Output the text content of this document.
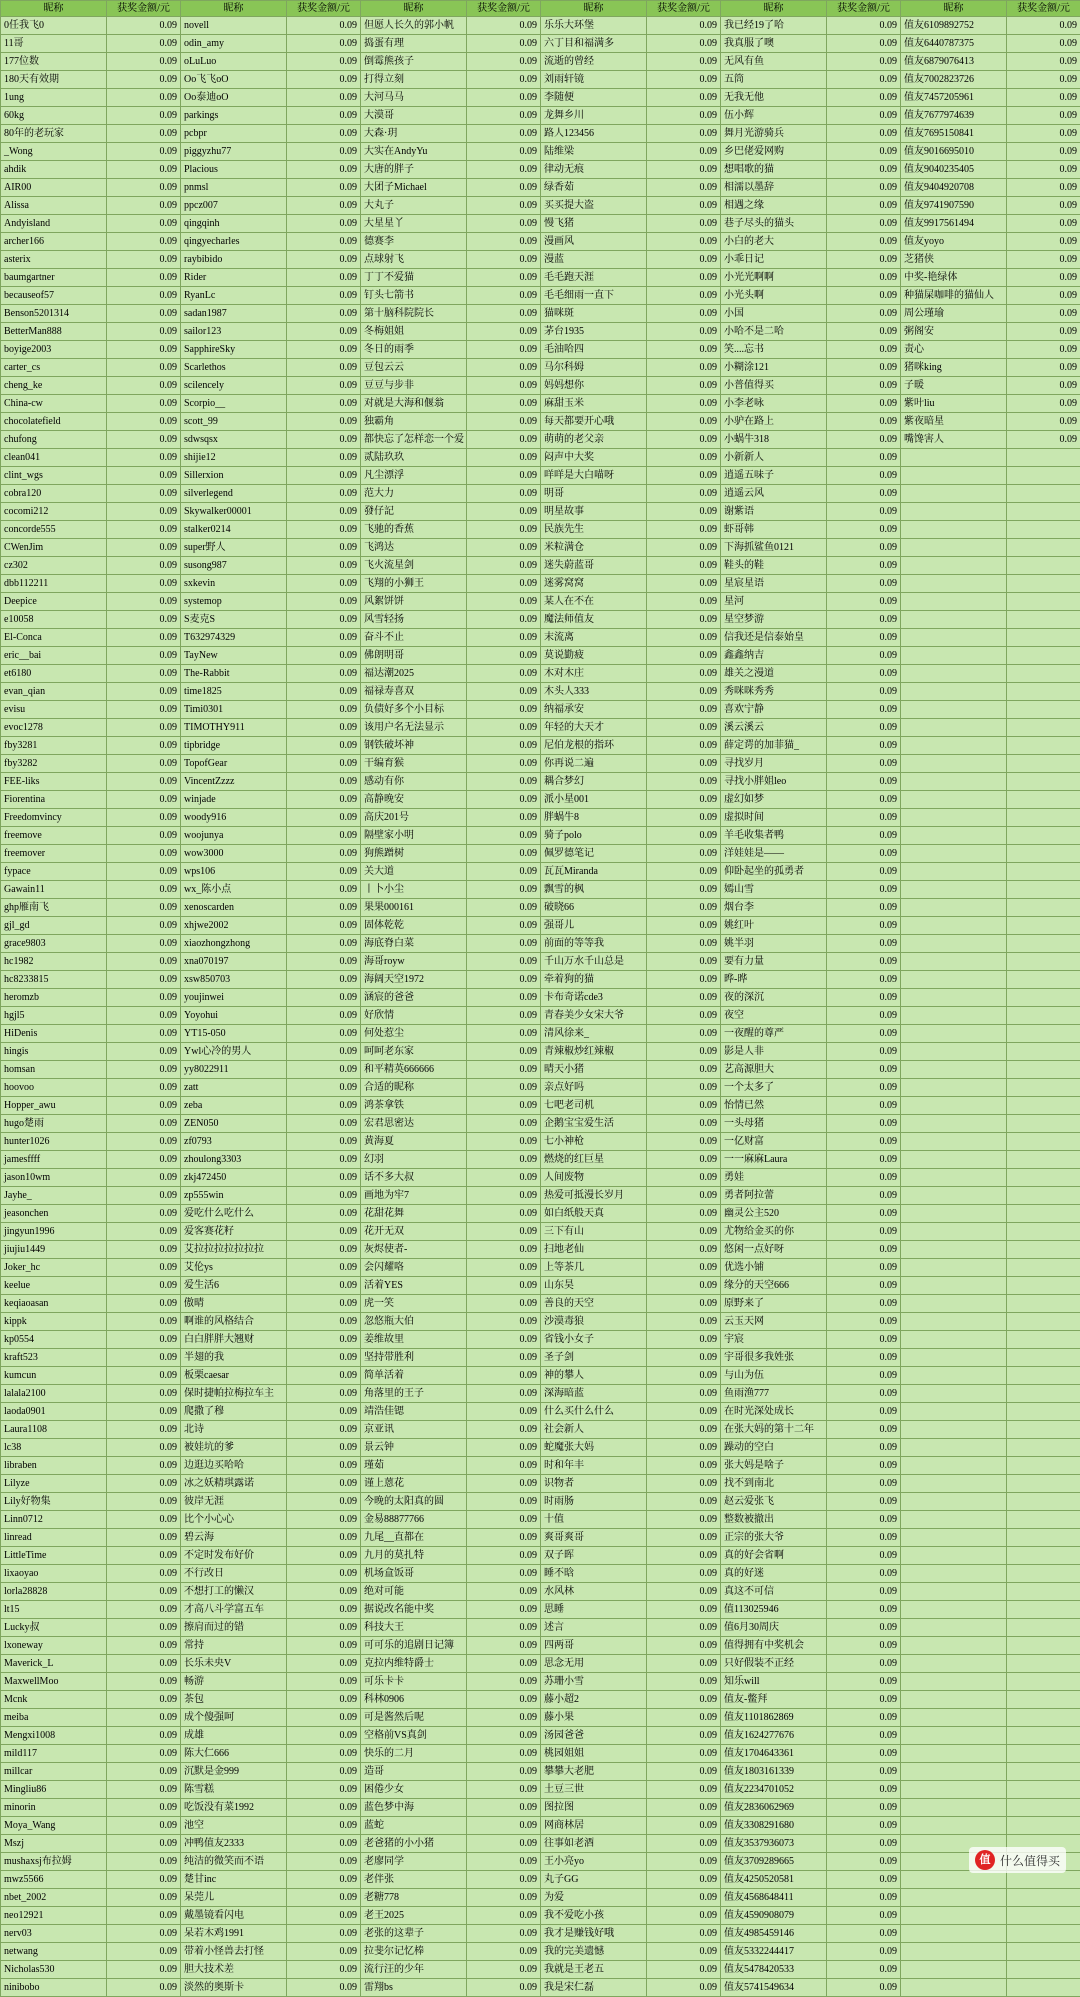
昵称	获奖金额/元	昵称	获奖金额/元	昵称	获奖金额/元	昵称	获奖金额/元	昵称	获奖金额/元	昵称	获奖金额/元
0任我飞0	0.09	novell	0.09	但愿人长久的郭小帆	0.09	乐乐大环堡	0.09	我已经19了哈	0.09	值友6109892752	0.09
11哥	0.09	odin_amy	0.09	捣蛋有理	0.09	六丁目和福满多	0.09	我真服了噢	0.09	值友6440787375	0.09
177位数	0.09	oLuLuo	0.09	倒霉熊孩子	0.09	流逝的曾经	0.09	无风有鱼	0.09	值友6879076413	0.09
180天有效期	0.09	Oo飞飞oO	0.09	打得立刻	0.09	刘雨轩镜	0.09	五筒	0.09	值友7002823726	0.09
1ung	0.09	Oo泰迪oO	0.09	大河马马	0.09	李随便	0.09	无我无他	0.09	值友7457205961	0.09
60kg	0.09	parkings	0.09	大漠哥	0.09	龙舞乡川	0.09	伍小辉	0.09	值友7677974639	0.09
80年的老玩家	0.09	pcbpr	0.09	大森·玥	0.09	路人123456	0.09	舞月光游骑兵	0.09	值友7695150841	0.09
_Wong	0.09	piggyzhu77	0.09	大实在AndyYu	0.09	陆维梁	0.09	乡巴佬爱网购	0.09	值友9016695010	0.09
ahdik	0.09	Placious	0.09	大唐的胖子	0.09	律动无痕	0.09	想唱歌的猫	0.09	值友9040235405	0.09
AIR00	0.09	pnmsl	0.09	大团子Michael	0.09	绿香茹	0.09	相濡以墨辞	0.09	值友9404920708	0.09
Alissa	0.09	ppcz007	0.09	大丸子	0.09	买买提大盗	0.09	相遇之缘	0.09	值友9741907590	0.09
Andyisland	0.09	qingqinh	0.09	大星星丫	0.09	慢飞猪	0.09	巷子尽头的猫头	0.09	值友9917561494	0.09
archer166	0.09	qingyecharles	0.09	德赛李	0.09	漫画风	0.09	小白的老大	0.09	值友yoyo	0.09
asterix	0.09	raybibido	0.09	点球射飞	0.09	漫蓝	0.09	小乖日记	0.09	芝猪侠	0.09
baumgartner	0.09	Rider	0.09	丁丁不爱猫	0.09	毛毛跑天涯	0.09	小光光啊啊	0.09	中奖-艳绿体	0.09
becauseof57	0.09	RyanLc	0.09	钉头七箭书	0.09	毛毛细雨一直下	0.09	小光头啊	0.09	种猫屎咖啡的猫仙人	0.09
Benson5201314	0.09	sadan1987	0.09	第十脑科院院长	0.09	猫咪斑	0.09	小国	0.09	周公瑾瑜	0.09
BetterMan888	0.09	sailor123	0.09	冬梅姐姐	0.09	茅台1935	0.09	小哈不是二哈	0.09	粥阁安	0.09
boyige2003	0.09	SapphireSky	0.09	冬日的雨季	0.09	毛油哈四	0.09	笑....忘书	0.09	责心	0.09
carter_cs	0.09	Scarlethos	0.09	豆包云云	0.09	马尔科姆	0.09	小糊涂121	0.09	猪咪king	0.09
cheng_ke	0.09	scilencely	0.09	豆豆与步非	0.09	妈妈想你	0.09	小普值得买	0.09	子暖	0.09
China-cw	0.09	Scorpio__	0.09	对就是大海和偃翁	0.09	麻甜玉米	0.09	小李老咏	0.09	紫叶liu	0.09
chocolatefield	0.09	scott_99	0.09	独霸角	0.09	每天都要开心哦	0.09	小驴在路上	0.09	紫夜暗星	0.09
chufong	0.09	sdwsqsx	0.09	都快忘了怎样恋一个爱	0.09	萌萌的老父亲	0.09	小蜗牛318	0.09	嘴馋害人	0.09
clean041	0.09	shijie12	0.09	贰陆玖玖	0.09	闷声中大奖	0.09	小新新人	0.09		
clint_wgs	0.09	Sillerxion	0.09	凡尘漂浮	0.09	咩咩是大白喵呀	0.09	逍遥五味子	0.09		
cobra120	0.09	silverlegend	0.09	范大力	0.09	明哥	0.09	逍遥云风	0.09		
cocomi212	0.09	Skywalker00001	0.09	發仔記	0.09	明星故事	0.09	谢紫语	0.09		
concorde555	0.09	stalker0214	0.09	飞驰的香蕉	0.09	民族先生	0.09	虾哥韩	0.09		
CWenJim	0.09	super野人	0.09	飞鸿达	0.09	米粒满仓	0.09	下海抓鲨鱼0121	0.09		
cz302	0.09	susong987	0.09	飞火流星剑	0.09	迷失蔚蓝哥	0.09	鞋头的鞋	0.09		
dbb112211	0.09	sxkevin	0.09	飞翔的小狮王	0.09	迷雾窝窝	0.09	星宸星语	0.09		
Deepice	0.09	systemop	0.09	风絮饼饼	0.09	某人在不在	0.09	星河	0.09		
e10058	0.09	S麦克S	0.09	风雪轻扬	0.09	魔法师值友	0.09	星空梦游	0.09		
El-Conca	0.09	T632974329	0.09	奋斗不止	0.09	末流离	0.09	信我还是信泰始皇	0.09		
eric__bai	0.09	TayNew	0.09	佛朗明哥	0.09	莫说勤疲	0.09	鑫鑫纳吉	0.09		
et6180	0.09	The-Rabbit	0.09	福达潮2025	0.09	木对木庄	0.09	雄关之漫道	0.09		
evan_qian	0.09	time1825	0.09	福禄寿喜双	0.09	木头人333	0.09	秀咪咪秀秀	0.09		
evisu	0.09	Timi0301	0.09	负债好多个小目标	0.09	纳福承安	0.09	喜欢宁静	0.09		
evoc1278	0.09	TIMOTHY911	0.09	该用户名无法显示	0.09	年轻的大天才	0.09	溪云溪云	0.09		
fby3281	0.09	tipbridge	0.09	钢铁破坏神	0.09	尼伯龙根的指环	0.09	薛定谔的加菲猫_	0.09		
fby3282	0.09	TopofGear	0.09	干编育猴	0.09	你再说二遍	0.09	寻找岁月	0.09		
FEE-liks	0.09	VincentZzzz	0.09	感动有你	0.09	耦合梦幻	0.09	寻找小胖姐leo	0.09		
Fiorentina	0.09	winjade	0.09	高静晚安	0.09	派小星001	0.09	虚幻如梦	0.09		
Freedomvincy	0.09	woody916	0.09	高庆201号	0.09	胖蜗牛8	0.09	虚拟时间	0.09		
freemove	0.09	woojunya	0.09	隔壁家小明	0.09	骑子polo	0.09	羊毛收集者鸭	0.09		
freemover	0.09	wow3000	0.09	狗熊蹭树	0.09	佩罗德笔记	0.09	洋娃娃是——	0.09		
fypace	0.09	wps106	0.09	关大道	0.09	瓦瓦Miranda	0.09	仰卧起坐的孤勇者	0.09		
Gawain11	0.09	wx_陈小点	0.09	丨卜小尘	0.09	飘雪的枫	0.09	嫣山雪	0.09		
ghp雁南飞	0.09	xenoscarden	0.09	果果000161	0.09	破晓66	0.09	烟台李	0.09		
gjl_gd	0.09	xhjwe2002	0.09	固体乾乾	0.09	强哥儿	0.09	姚红叶	0.09		
grace9803	0.09	xiaozhongzhong	0.09	海底脊白菜	0.09	前面的等等我	0.09	姚半羽	0.09		
hc1982	0.09	xna070197	0.09	海哥royw	0.09	千山万水千山总是	0.09	要有力量	0.09		
hc8233815	0.09	xsw850703	0.09	海阔天空1972	0.09	牵着狗的猫	0.09	晔-晔	0.09		
heromzb	0.09	youjinwei	0.09	涵宸的爸爸	0.09	卡布奇诺cde3	0.09	夜的深沉	0.09		
hgjl5	0.09	Yoyohui	0.09	好欣情	0.09	青春美少女宋大爷	0.09	夜空	0.09		
HiDenis	0.09	YT15-050	0.09	何处惹尘	0.09	清风徐来_	0.09	一夜醒的尊严	0.09		
hingis	0.09	Ywl心冷的男人	0.09	呵呵老东家	0.09	青辣椒炒红辣椒	0.09	影是人非	0.09		
homsan	0.09	yy8022911	0.09	和平精英666666	0.09	晴天小猪	0.09	艺高源胆大	0.09		
hoovoo	0.09	zatt	0.09	合适的昵称	0.09	亲点好吗	0.09	一个太多了	0.09		
Hopper_awu	0.09	zeba	0.09	鸿茶拿铁	0.09	七吧老司机	0.09	怡情已然	0.09		
hugo楚雨	0.09	ZEN050	0.09	宏君思密达	0.09	企鹅宝宝爱生活	0.09	一头母猪	0.09		
hunter1026	0.09	zf0793	0.09	黄海夏	0.09	七小神枪	0.09	一亿财富	0.09		
jamesffff	0.09	zhoulong3303	0.09	幻羽	0.09	燃烧的红巨星	0.09	一一麻麻Laura	0.09		
jason10wm	0.09	zkj472450	0.09	话不多大叔	0.09	人间废物	0.09	勇娃	0.09		
Jayhe_	0.09	zp555win	0.09	画地为牢7	0.09	热爱可抵漫长岁月	0.09	勇者阿拉蕾	0.09		
jeasonchen	0.09	爱吃什么吃什么	0.09	花甜花舞	0.09	如白纸般天真	0.09	幽灵公主520	0.09		
jingyun1996	0.09	爱客赛花籽	0.09	花开无双	0.09	三下有山	0.09	尤物给金买的你	0.09		
jiujiu1449	0.09	艾拉拉拉拉拉拉拉	0.09	灰烬使者-	0.09	扫地老仙	0.09	悠闲一点好呀	0.09		
Joker_hc	0.09	艾伦ys	0.09	会闪耀咯	0.09	上等茶几	0.09	优选小铺	0.09		
keelue	0.09	爱生活6	0.09	活着YES	0.09	山东昊	0.09	缘分的天空666	0.09		
keqiaoasan	0.09	傲晴	0.09	虎一笑	0.09	善良的天空	0.09	原野来了	0.09		
kippk	0.09	啊谁的风格结合	0.09	忽悠瓶大伯	0.09	沙漠毒狼	0.09	云玉天网	0.09		
kp0554	0.09	白白胖胖大翘财	0.09	姜维故里	0.09	省钱小女子	0.09	宇宸	0.09		
kraft523	0.09	半翅的我	0.09	坚持带胜利	0.09	圣子剑	0.09	宇哥很多我姓张	0.09		
kumcun	0.09	板栗caesar	0.09	简单活着	0.09	神的攀人	0.09	与山为伍	0.09		
lalala2100	0.09	保时捷帕拉梅拉车主	0.09	角落里的王子	0.09	深海暗蓝	0.09	鱼雨渔777	0.09		
laoda0901	0.09	爬撒了穆	0.09	靖浩佳锶	0.09	什么买什么什么	0.09	在时光深处成长	0.09		
Laura1108	0.09	北诗	0.09	京亚讯	0.09	社会新人	0.09	在张大妈的第十二年	0.09		
lc38	0.09	被娃坑的爹	0.09	景云钟	0.09	蛇魔张大妈	0.09	躁动的空白	0.09		
libraben	0.09	边逛边买哈哈	0.09	瑾茹	0.09	时和年丰	0.09	张大妈是啥子	0.09		
Lilyze	0.09	冰之妖精琪露诺	0.09	谨上蒽花	0.09	识物者	0.09	找不到南北	0.09		
Lily好物集	0.09	彼岸无涯	0.09	今晚的太阳真的圆	0.09	时雨肠	0.09	赵云爱张飞	0.09		
Linn0712	0.09	比个小心心	0.09	金易88877766	0.09	十值	0.09	整数被撤出	0.09		
linread	0.09	碧云海	0.09	九尾__直都在	0.09	爽哥爽哥	0.09	正宗的张大爷	0.09		
LittleTime	0.09	不定时发布好价	0.09	九月的莫扎特	0.09	双子晖	0.09	真的好会省啊	0.09		
lixaoyao	0.09	不行改日	0.09	机场盒饭哥	0.09	睡不晗	0.09	真的好迷	0.09		
lorla28828	0.09	不想打工的懒汉	0.09	绝对可能	0.09	水风林	0.09	真这不可信	0.09		
lt15	0.09	才高八斗学富五车	0.09	据说改名能中奖	0.09	思睡	0.09	值113025946	0.09		
Lucky叔	0.09	擦肩而过的错	0.09	科技大王	0.09	述言	0.09	值6月30周庆	0.09		
lxoneway	0.09	常持	0.09	可可乐的追剧日记簿	0.09	四两哥	0.09	值得拥有中奖机会	0.09		
Maverick_L	0.09	长乐未央V	0.09	克拉内维特爵士	0.09	思念无用	0.09	只好假装不正经	0.09		
MaxwellMoo	0.09	畅游	0.09	可乐卡卡	0.09	苏珊小雪	0.09	知乐will	0.09		
Mcnk	0.09	茶包	0.09	科林0906	0.09	藤小超2	0.09	值友-鳖拜	0.09		
meiba	0.09	成个傻强呵	0.09	可是酱然后呢	0.09	藤小果	0.09	值友1101862869	0.09		
Mengxi1008	0.09	成雄	0.09	空格前VS真剑	0.09	汤园爸爸	0.09	值友1624277676	0.09		
mild117	0.09	陈大仁666	0.09	快乐的二月	0.09	桃园姐姐	0.09	值友1704643361	0.09		
millcar	0.09	沉默是金999	0.09	造哥	0.09	攀攀大老肥	0.09	值友1803161339	0.09		
Mingliu86	0.09	陈雪糕	0.09	困倦少女	0.09	土豆三世	0.09	值友2234701052	0.09		
minorin	0.09	吃饭没有菜1992	0.09	蓝色梦中海	0.09	图拉图	0.09	值友2836062969	0.09		
Moya_Wang	0.09	池空	0.09	蓝蛇	0.09	网商林居	0.09	值友3308291680	0.09		
Mszj	0.09	冲鸭值友2333	0.09	老爸猪的小小猪	0.09	往事如老酒	0.09	值友3537936073	0.09		
mushaxsj布拉姆	0.09	纯洁的微笑而不语	0.09	老廖同学	0.09	王小亮yo	0.09	值友3709289665	0.09		
mwz5566	0.09	楚甘inc	0.09	老伴张	0.09	丸子GG	0.09	值友4250520581	0.09		
nbet_2002	0.09	呆莞儿	0.09	老糖778	0.09	为爱	0.09	值友4568648411	0.09		
neo12921	0.09	戴墨镜看闪电	0.09	老王2025	0.09	我不爱吃小孩	0.09	值友4590908079	0.09		
nerv03	0.09	呆若木鸡1991	0.09	老张的这辈子	0.09	我才是赚钱好哦	0.09	值友4985459146	0.09		
netwang	0.09	带着小怪兽去打怪	0.09	拉斐尔记忆棒	0.09	我的完美遗憾	0.09	值友5332244417	0.09		
Nicholas530	0.09	胆大技术差	0.09	流行汪的少年	0.09	我就是王老五	0.09	值友5478420533	0.09		
ninibobo	0.09	淡然的奥斯卡	0.09	雷翔bs	0.09	我是宋仁磊	0.09	值友5741549634	0.09		
值 什么值得买
